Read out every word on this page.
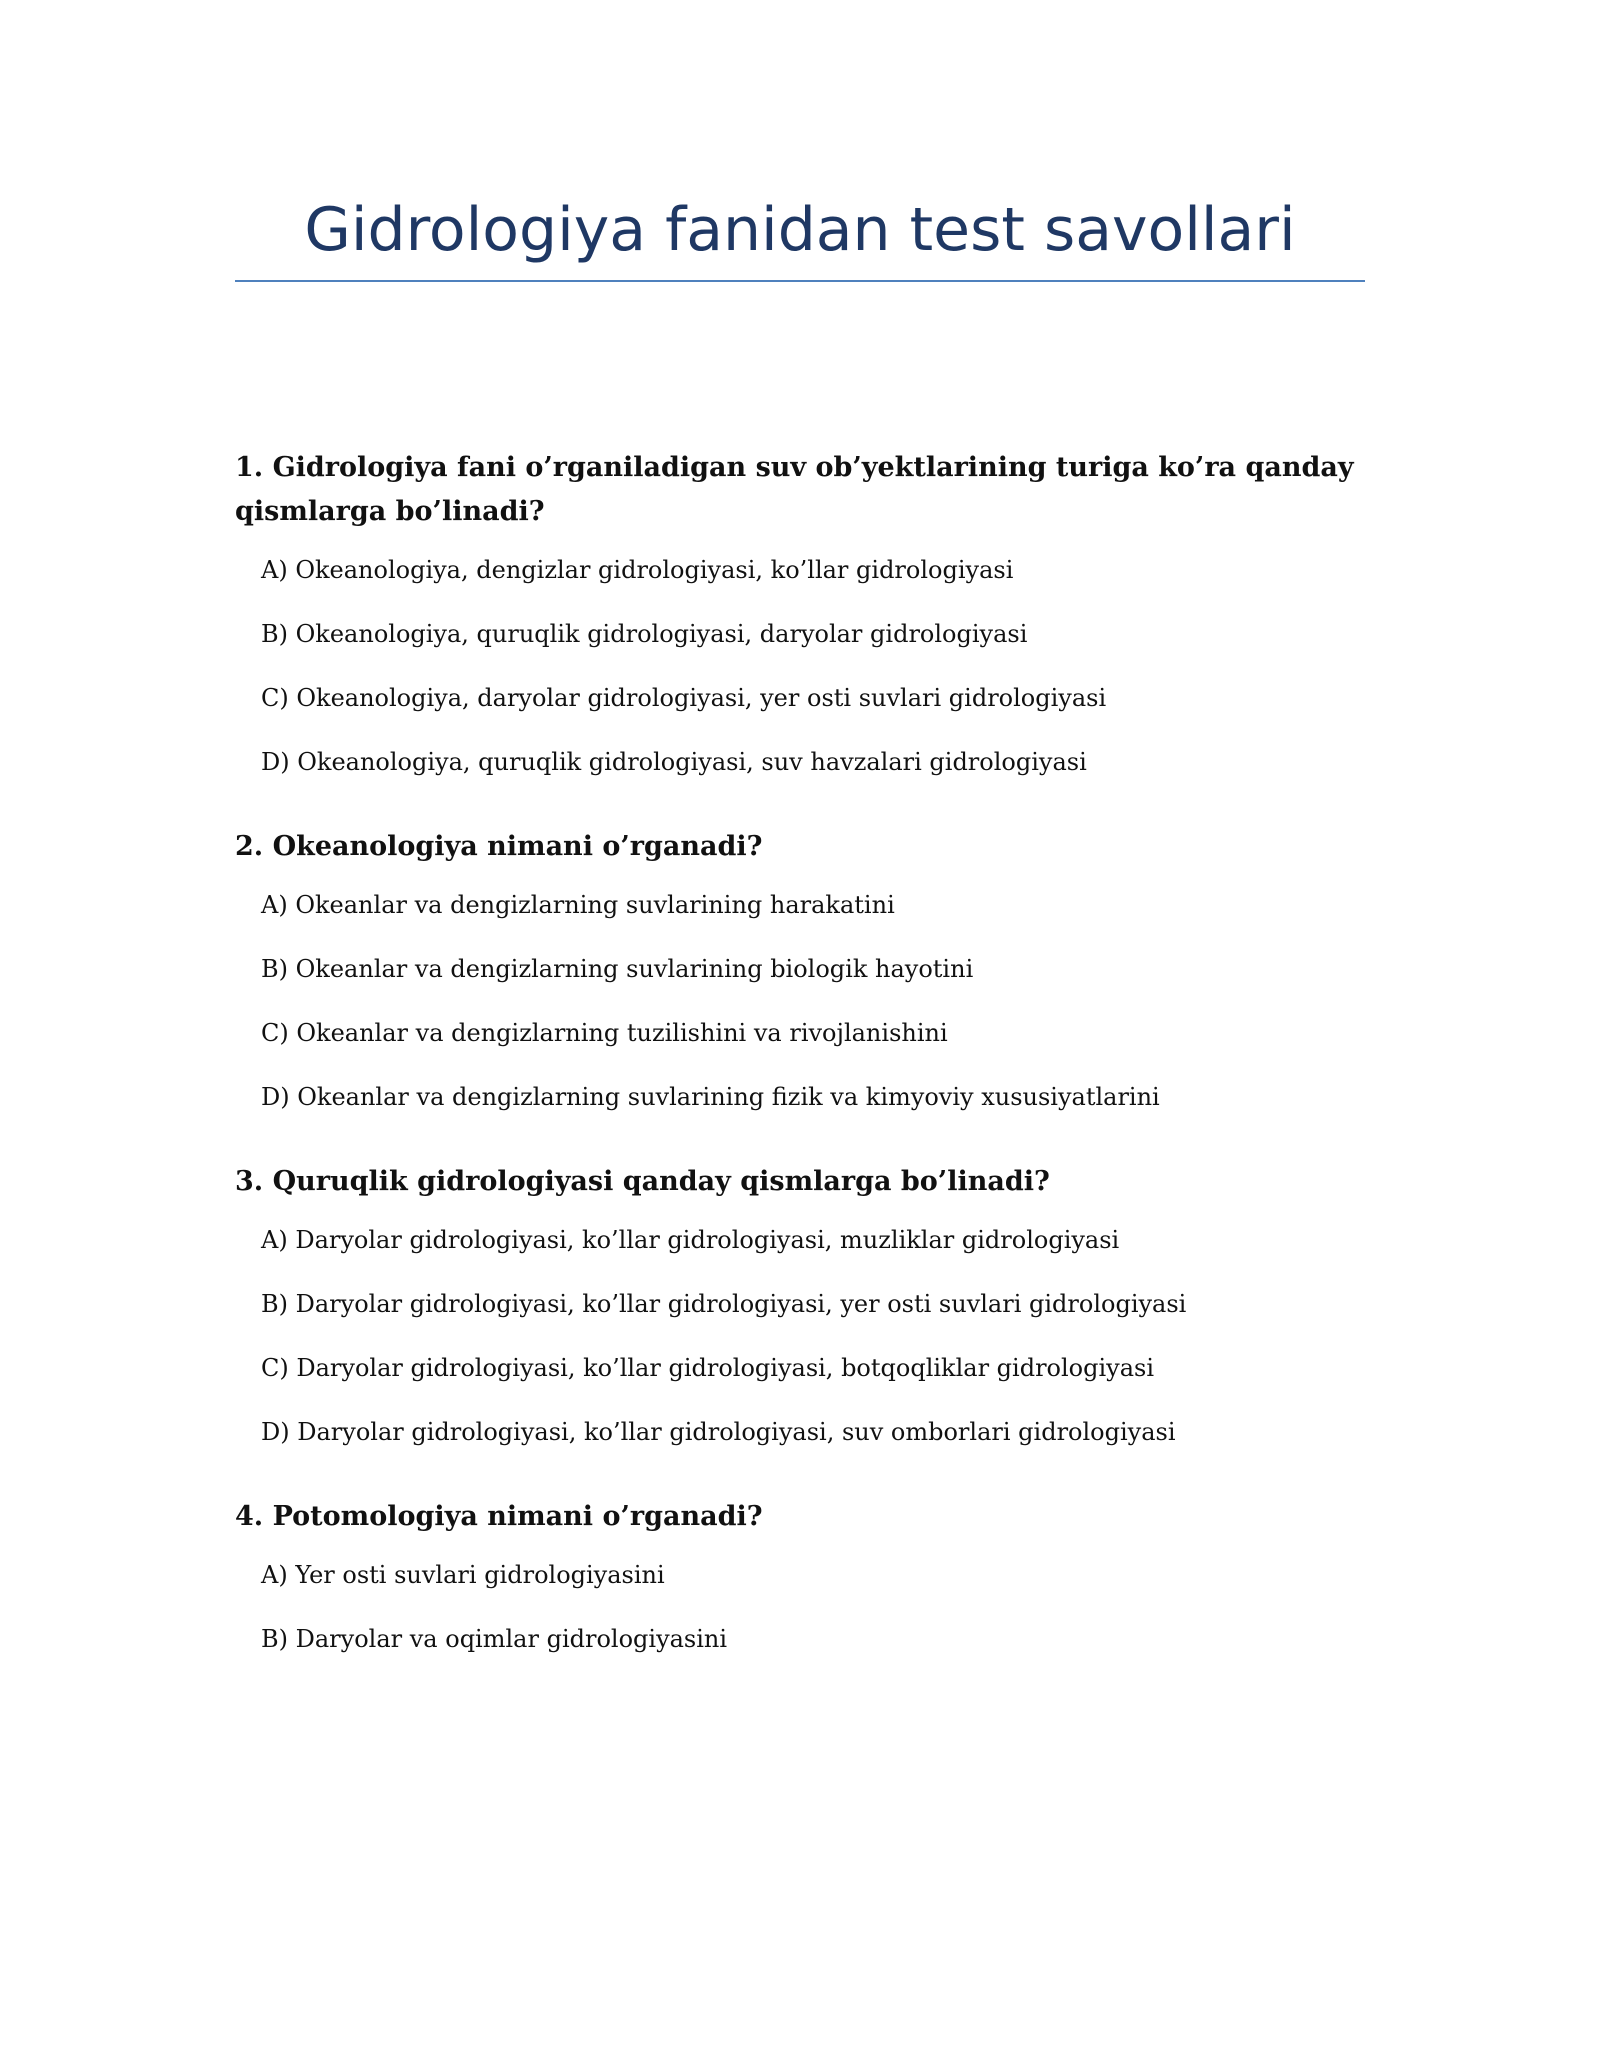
Gidrologiya fanidan test savollari

1. Gidrologiya fani o’rganiladigan suv ob’yektlarining turiga ko’ra qanday qismlarga bo’linadi?

A) Okeanologiya, dengizlar gidrologiyasi, ko’llar gidrologiyasi
B) Okeanologiya, quruqlik gidrologiyasi, daryolar gidrologiyasi
C) Okeanologiya, daryolar gidrologiyasi, yer osti suvlari gidrologiyasi
D) Okeanologiya, quruqlik gidrologiyasi, suv havzalari gidrologiyasi

2. Okeanologiya nimani o’rganadi?

A) Okeanlar va dengizlarning suvlarining harakatini
B) Okeanlar va dengizlarning suvlarining biologik hayotini
C) Okeanlar va dengizlarning tuzilishini va rivojlanishini
D) Okeanlar va dengizlarning suvlarining fizik va kimyoviy xususiyatlarini

3. Quruqlik gidrologiyasi qanday qismlarga bo’linadi?

A) Daryolar gidrologiyasi, ko’llar gidrologiyasi, muzliklar gidrologiyasi
B) Daryolar gidrologiyasi, ko’llar gidrologiyasi, yer osti suvlari gidrologiyasi
C) Daryolar gidrologiyasi, ko’llar gidrologiyasi, botqoqliklar gidrologiyasi
D) Daryolar gidrologiyasi, ko’llar gidrologiyasi, suv omborlari gidrologiyasi

4. Potomologiya nimani o’rganadi?

A) Yer osti suvlari gidrologiyasini
B) Daryolar va oqimlar gidrologiyasini
